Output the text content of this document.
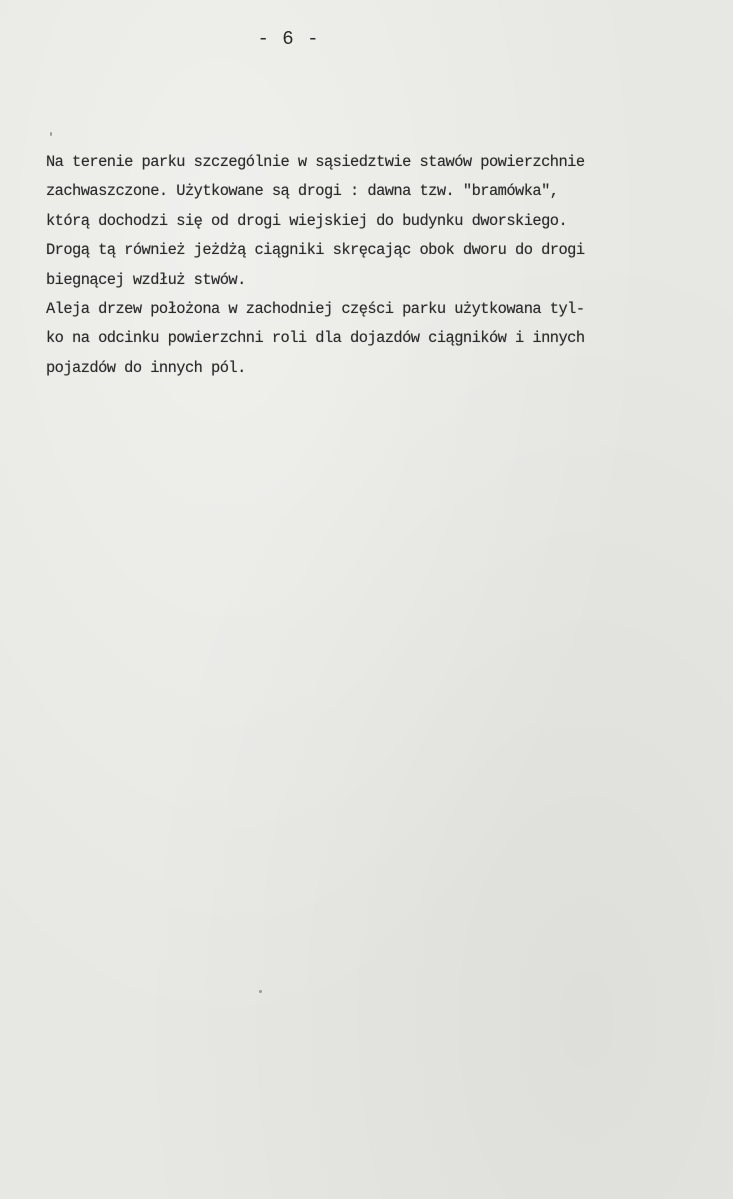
- 6 -
Na terenie parku szczególnie w sąsiedztwie stawów powierzchnie
zachwaszczone. Użytkowane są drogi : dawna tzw. "bramówka",
którą dochodzi się od drogi wiejskiej do budynku dworskiego.
Drogą tą również jeżdżą ciągniki skręcając obok dworu do drogi
biegnącej wzdłuż stwów.
Aleja drzew położona w zachodniej części parku użytkowana tyl-
ko na odcinku powierzchni roli dla dojazdów ciągników i innych
pojazdów do innych pól.
